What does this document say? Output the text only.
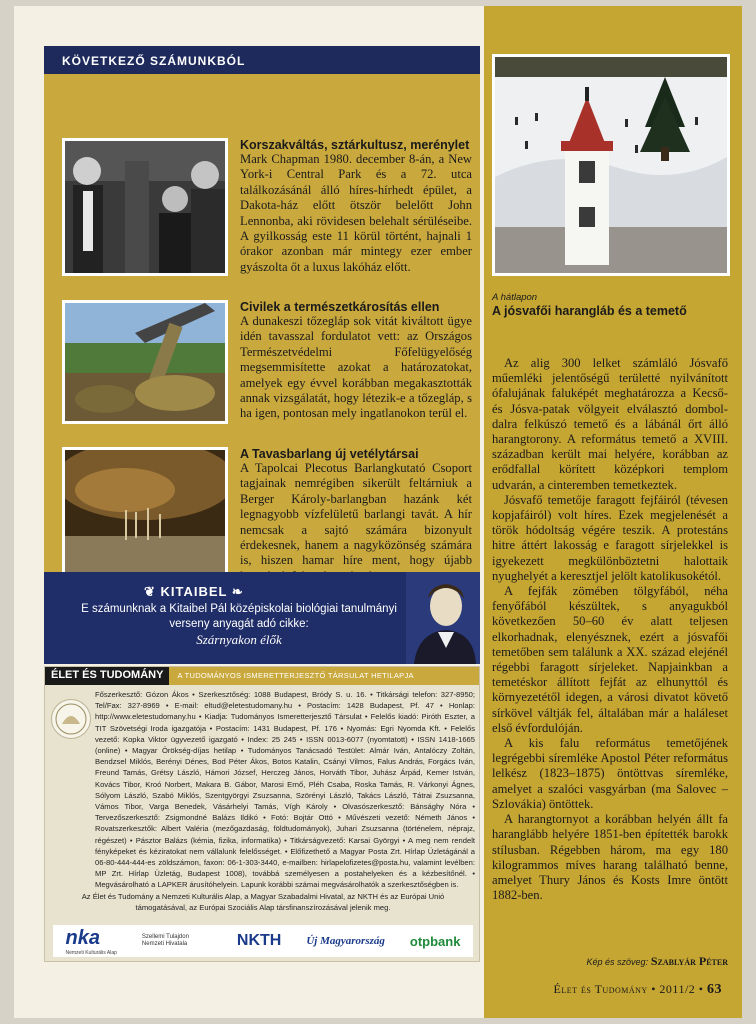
KÖVETKEZŐ SZÁMUNKBÓL
Korszakváltás, sztárkultusz, merénylet

Mark Chapman 1980. december 8-án, a New York-i Central Park és a 72. utca találkozásánál álló híres-hírhedt épület, a Dakota-ház előtt ötször belelőtt John Lennonba, aki rövidesen belehalt sérüléseibe. A gyilkosság este 11 körül történt, hajnali 1 órakor azonban már mintegy ezer ember gyászolta őt a luxus lakóház előtt.

Civilek a természetkárosítás ellen

A dunakeszi tőzegláp sok vitát kiváltott ügye idén tavasszal fordulatot vett: az Országos Természetvédelmi Főfelügyelőség megsemmisítette azokat a határozatokat, amelyek egy évvel korábban megakasztották annak vizsgálatát, hogy létezik-e a tőzegláp, s ha igen, pontosan mely ingatlanokon terül el.

A Tavasbarlang új vetélytársai

A Tapolcai Plecotus Barlangkutató Csoport tagjainak nemrégiben sikerült feltárniuk a Berger Károly-barlangban hazánk két legnagyobb vízfelületű barlangi tavát. A hír nemcsak a sajtó számára bizonyult érdekesnek, hanem a nagyközönség számára is, hiszen hamar híre ment, hogy újabb

❦ KITAIBEL ❧
E számunknak a Kitaibel Pál középiskolai biológiai tanulmányi verseny anyagát adó cikke:
Szárnyakon élők
ÉLET ÉS TUDOMÁNY	A TUDOMÁNYOS ISMERETTERJESZTŐ TÁRSULAT HETILAPJA
Főszerkesztő: Gózon Ákos • Szerkesztőség: 1088 Budapest, Bródy S. u. 16. • Titkársági telefon: 327-8950; Tel/Fax: 327-8969 • E-mail: eltud@eletestudomany.hu • Postacím: 1428 Budapest, Pf. 47 • Honlap: http://www.eletestudomany.hu • Kiadja: Tudományos Ismeretterjesztő Társulat • Felelős kiadó: Piróth Eszter, a TIT Szövetségi Iroda igazgatója • Postacím: 1431 Budapest, Pf. 176 • Nyomás: Egri Nyomda Kft. • Felelős vezető: Kopka Viktor ügyvezető igazgató • Index: 25 245 • ISSN 0013-6077 (nyomtatott) • ISSN 1418-1665 (online) • Magyar Örökség-díjas hetilap • Tudományos Tanácsadó Testület: Almár Iván, Antalóczy Zoltán, Bendzsel Miklós, Berényi Dénes, Bod Péter Ákos, Botos Katalin, Csányi Vilmos, Falus András, Forgács Iván, Freund Tamás, Grétsy László, Hámori József, Herczeg János, Horváth Tibor, Juhász Árpád, Kemer István, Kovács Tibor, Kroó Norbert, Makara B. Gábor, Marosi Ernő, Pléh Csaba, Roska Tamás, R. Várkonyi Ágnes, Sólyom László, Szabó Miklós, Szentgyörgyi Zsuzsanna, Szörényi László, Takács László, Tátrai Zsuzsanna, Vámos Tibor, Varga Benedek, Vásárhelyi Tamás, Vígh Károly • Olvasószerkesztő: Bánsághy Nóra • Tervezőszerkesztő: Zsigmondné Balázs Ildikó • Fotó: Bojtár Ottó • Művészeti vezető: Németh János • Rovatszerkesztők: Albert Valéria (mezőgazdaság, földtudományok), Juhari Zsuzsanna (történelem, néprajz, régészet) • Pásztor Balázs (kémia, fizika, informatika) • Titkárságvezető: Karsai Györgyi • A meg nem rendelt fényképeket és kéziratokat nem vállalunk felelősséget. • Előfizethető a Magyar Posta Zrt. Hírlap Üzletágánál a 06-80-444-444-es zöldszámon, faxon: 06-1-303-3440, e-mailben: hirlapelofizetes@posta.hu, valamint levélben: MP Zrt. Hírlap Üzletág, Budapest 1008), továbbá személyesen a postahelyeken és a kézbesítőnél. • Megvásárolható a LAPKER árusítóhelyein. Lapunk korábbi számai megvásárolhatók a szerkesztőségben is.
Az Élet és Tudomány a Nemzeti Kulturális Alap, a Magyar Szabadalmi Hivatal, az NKTH és az Európai Unió támogatásával, az Európai Szociális Alap társfinanszírozásával jelenik meg.
nka
Nemzeti Kulturális Alap
Szellemi Tulajdon Nemzeti Hivatala	NKTH Új Magyarország otpbank
A hátlapon
A jósvafői harangláb és a temető

Az alig 300 lelket számláló Jósvafő műemléki jelentőségű területté nyilvánított ófalujának faluképét meghatározza a Kecső- és Jósva-patak völgyeit elválasztó domboldalra felkúszó temető és a lábánál őrt álló harangtorony. A református temető a XVIII. században került mai helyére, korábban az erődfallal körített középkori templom udvarán, a cinteremben temetkeztek.

Jósvafő temetője faragott fejfáiról (tévesen kopjafáiról) volt híres. Ezek megjelenését a török hódoltság végére teszik. A protestáns hitre áttért lakosság e faragott sírjelekkel is igyekezett megkülönböztetni halottaik nyughelyét a keresztjel jelölt katolikusokétól.

A fejfák zömében tölgyfából, néha fenyőfából készültek, s anyagukból következően 50–60 év alatt teljesen elkorhadnak, elenyésznek, ezért a jósvafői temetőben sem találunk a XX. század elejénél régebbi faragott sírjeleket. Napjainkban a temetéskor állított fejfát az elhunyttól és környezetétől idegen, a városi divatot követő sírkövel váltják fel, általában már a haláleset első évfordulóján.

A kis falu református temetőjének legrégebbi síremléke Apostol Péter református lelkész (1823–1875) öntöttvas síremléke, amelyet a szalóci vasgyárban (ma Salovec – Szlovákia) öntöttek.

A harangtornyot a korábban helyén állt fa haranglább helyére 1851-ben építették barokk stílusban. Régebben három, ma egy 180 kilogrammos míves harang található benne, amelyet Thury János és Kosts Imre öntött 1882-ben.

Kép és szöveg: Szablyár Péter
Élet és Tudomány • 2011/2 • 63
